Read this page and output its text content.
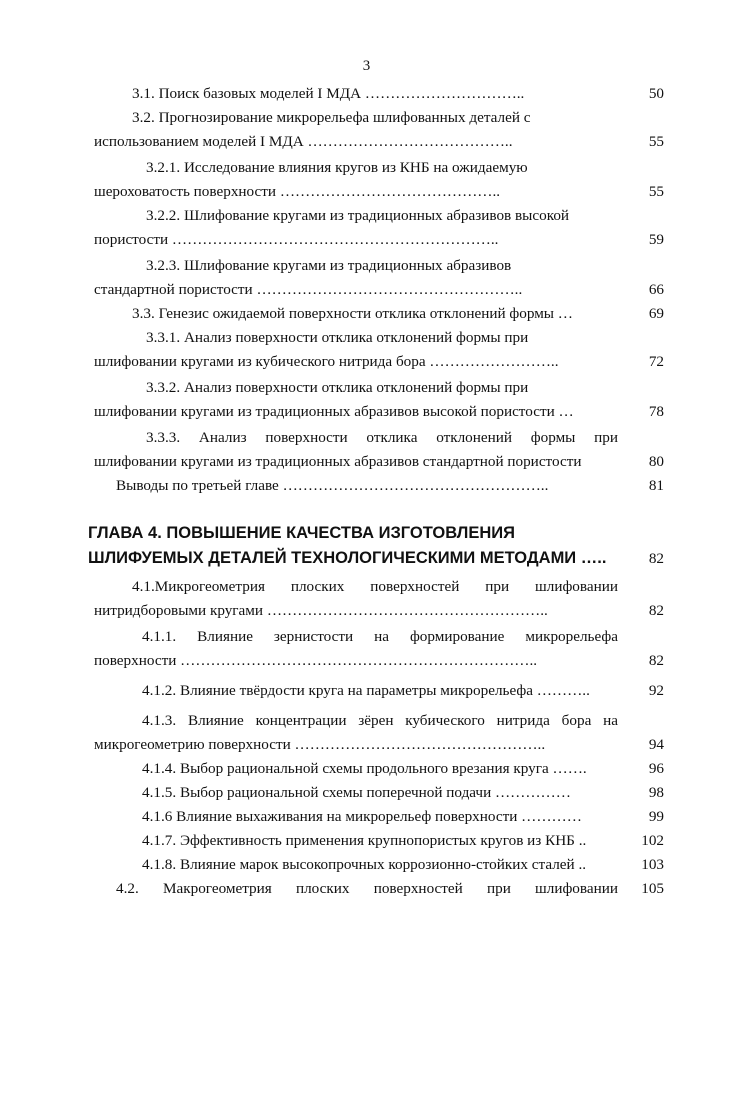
3
3.1. Поиск базовых моделей I МДА …………………………..	50
3.2. Прогнозирование микрорельефа шлифованных деталей с
использованием моделей I МДА …………………………………..	55
3.2.1. Исследование влияния кругов из КНБ на ожидаемую
шероховатость поверхности ……………………………………..	55
3.2.2. Шлифование кругами из традиционных абразивов высокой
пористости ………………………………………………………..	59
3.2.3. Шлифование кругами из традиционных абразивов
стандартной пористости ……………………………………………..	66
3.3. Генезис ожидаемой поверхности отклика отклонений формы …	69
3.3.1. Анализ поверхности отклика отклонений формы при
шлифовании кругами из кубического нитрида бора ……………………..	72
3.3.2. Анализ поверхности отклика отклонений формы при
шлифовании кругами из традиционных абразивов высокой пористости …	78
3.3.3. Анализ поверхности отклика отклонений формы при
шлифовании кругами из традиционных абразивов стандартной пористости	80
Выводы по третьей главе ……………………………………………..	81
ГЛАВА 4. ПОВЫШЕНИЕ КАЧЕСТВА ИЗГОТОВЛЕНИЯ
ШЛИФУЕМЫХ ДЕТАЛЕЙ ТЕХНОЛОГИЧЕСКИМИ МЕТОДАМИ …..	82
4.1.Микрогеометрия плоских поверхностей при шлифовании
нитридборовыми кругами ………………………………………………..	82
4.1.1. Влияние зернистости на формирование микрорельефа
поверхности ……………………………………………………………..	82
4.1.2. Влияние твёрдости круга на параметры микрорельефа ………..	92
4.1.3. Влияние концентрации зёрен кубического нитрида бора на
микрогеометрию поверхности …………………………………………..	94
4.1.4. Выбор рациональной схемы продольного врезания круга …….	96
4.1.5. Выбор рациональной схемы поперечной подачи ……………	98
4.1.6 Влияние выхаживания на микрорельеф поверхности …………	99
4.1.7. Эффективность применения крупнопористых кругов из КНБ ..	102
4.1.8. Влияние марок высокопрочных коррозионно-стойких сталей ..	103
4.2. Макрогеометрия плоских поверхностей при шлифовании	105
